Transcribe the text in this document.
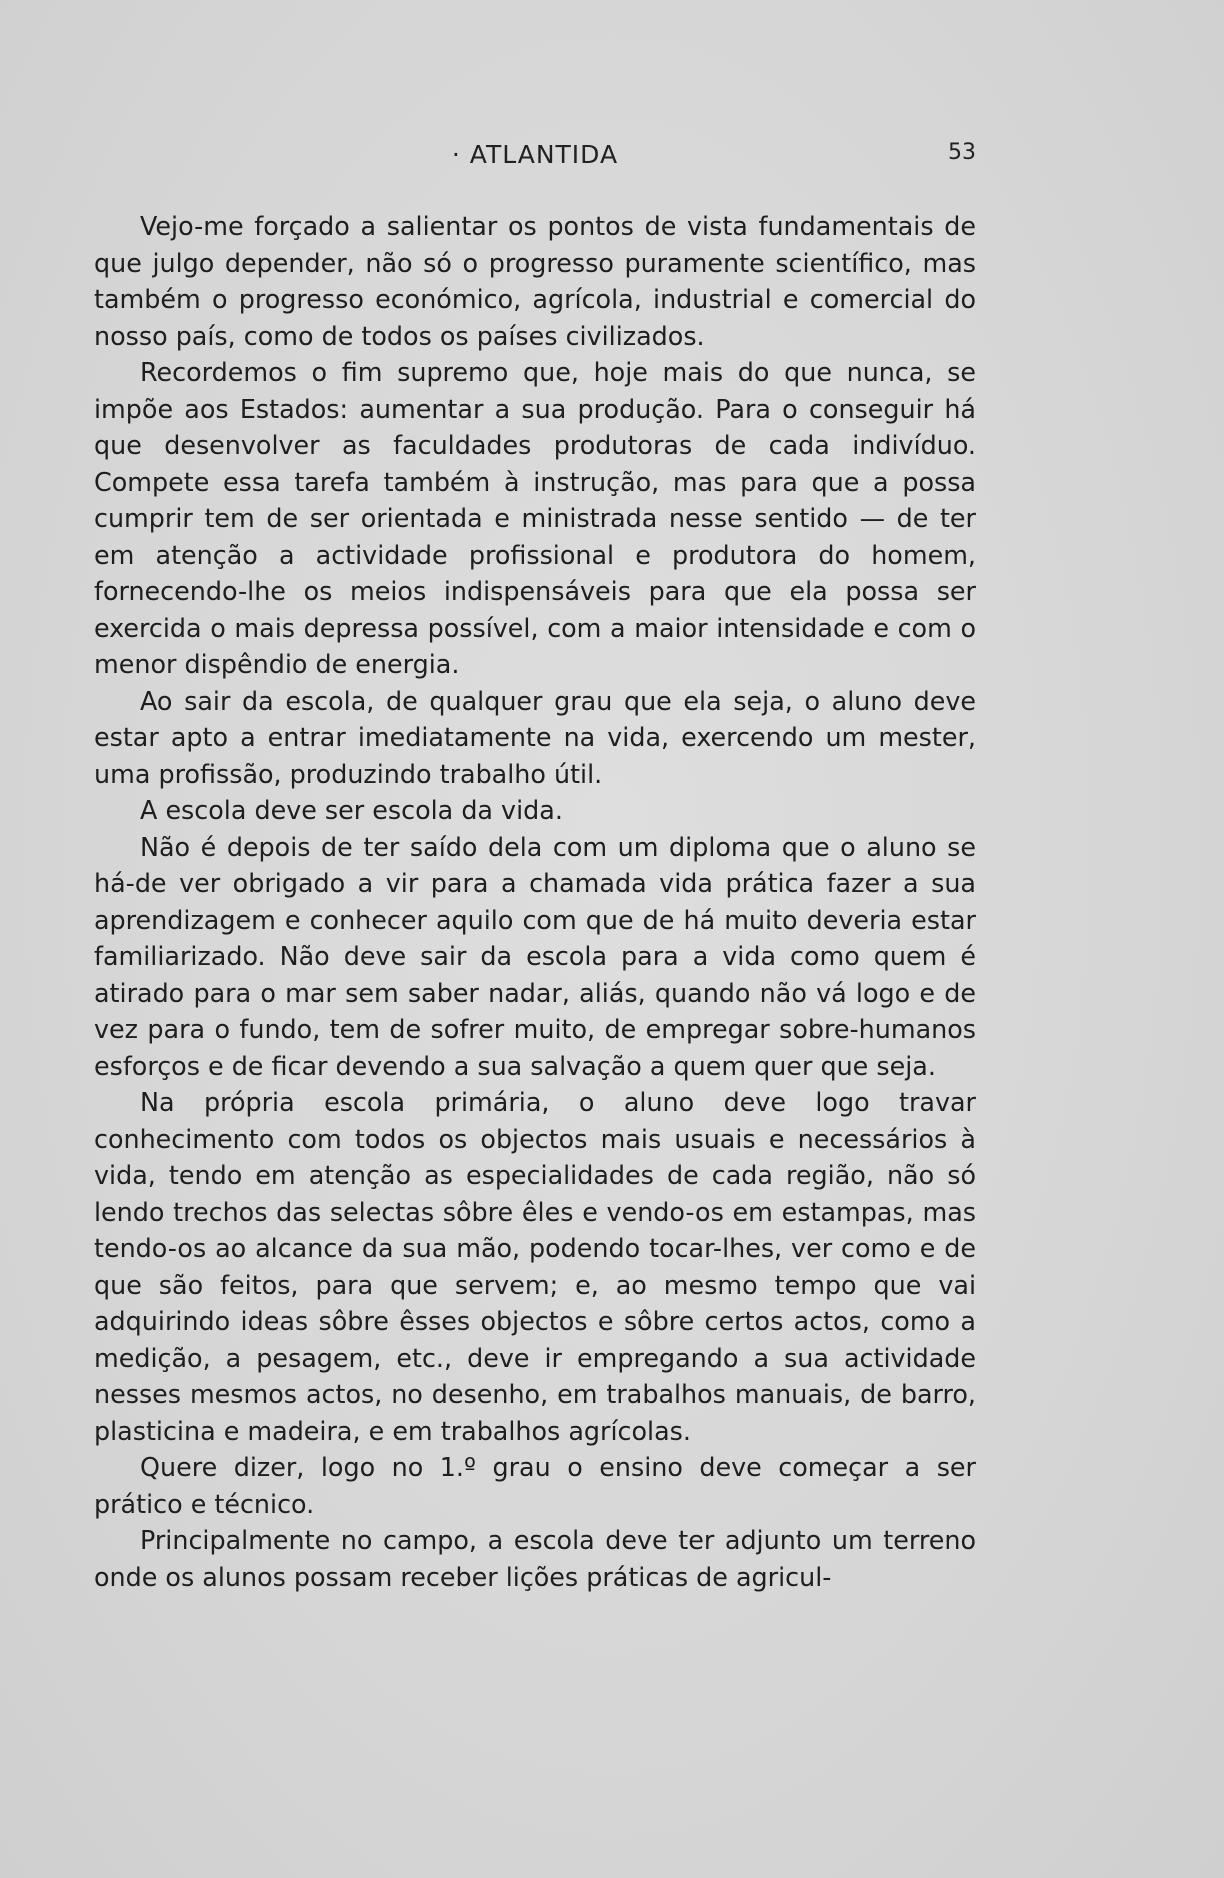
· ATLANTIDA	53

Vejo-me forçado a salientar os pontos de vista fundamentais de que julgo depender, não só o progresso puramente scientífico, mas também o progresso económico, agrícola, industrial e comercial do nosso país, como de todos os países civilizados.

Recordemos o fim supremo que, hoje mais do que nunca, se impõe aos Estados: aumentar a sua produção. Para o conseguir há que desenvolver as faculdades produtoras de cada indivíduo. Compete essa tarefa também à instrução, mas para que a possa cumprir tem de ser orientada e ministrada nesse sentido — de ter em atenção a actividade profissional e produtora do homem, fornecendo-lhe os meios indispensáveis para que ela possa ser exercida o mais depressa possível, com a maior intensidade e com o menor dispêndio de energia.

Ao sair da escola, de qualquer grau que ela seja, o aluno deve estar apto a entrar imediatamente na vida, exercendo um mester, uma profissão, produzindo trabalho útil.

A escola deve ser escola da vida.

Não é depois de ter saído dela com um diploma que o aluno se há-de ver obrigado a vir para a chamada vida prática fazer a sua aprendizagem e conhecer aquilo com que de há muito deveria estar familiarizado. Não deve sair da escola para a vida como quem é atirado para o mar sem saber nadar, aliás, quando não vá logo e de vez para o fundo, tem de sofrer muito, de empregar sobre-humanos esforços e de ficar devendo a sua salvação a quem quer que seja.

Na própria escola primária, o aluno deve logo travar conhecimento com todos os objectos mais usuais e necessários à vida, tendo em atenção as especialidades de cada região, não só lendo trechos das selectas sôbre êles e vendo-os em estampas, mas tendo-os ao alcance da sua mão, podendo tocar-lhes, ver como e de que são feitos, para que servem; e, ao mesmo tempo que vai adquirindo ideas sôbre êsses objectos e sôbre certos actos, como a medição, a pesagem, etc., deve ir empregando a sua actividade nesses mesmos actos, no desenho, em trabalhos manuais, de barro, plasticina e madeira, e em trabalhos agrícolas.

Quere dizer, logo no 1.º grau o ensino deve começar a ser prático e técnico.

Principalmente no campo, a escola deve ter adjunto um terreno onde os alunos possam receber lições práticas de agricul-
